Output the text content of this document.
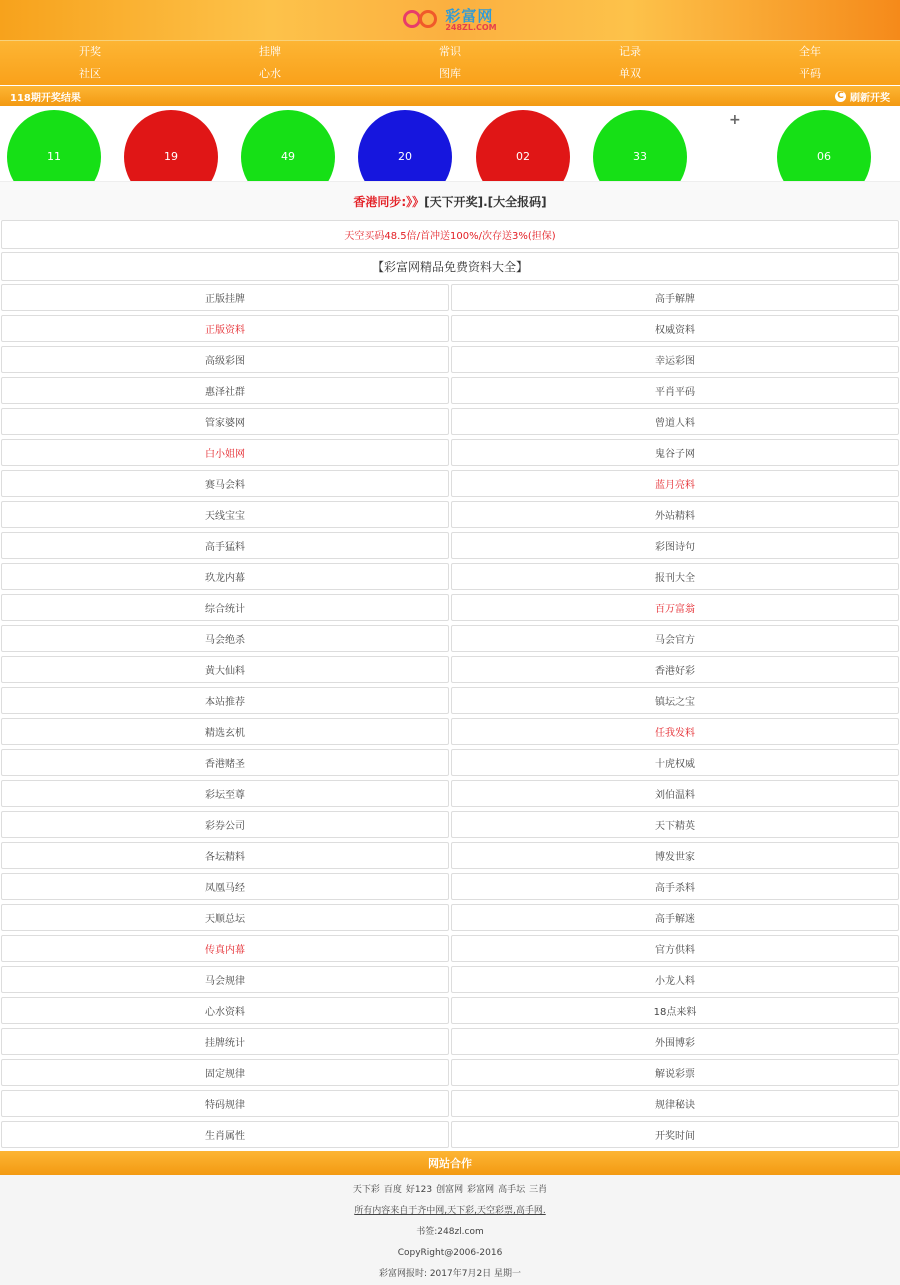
彩富网
248ZL.COM
开奖	挂牌	常识	记录	全年
社区	心水	图库	单双	平码
118期开奖结果	C 刷新开奖
+
11	19	49	20	02	33	06
香港同步:》》 [天下开奖].[大全报码]
天空买码48.5倍/首冲送100%/次存送3%(担保)
【彩富网精品免费资料大全】
正版挂牌	高手解牌
正版资料	权威资料
高级彩图	幸运彩图
惠泽社群	平肖平码
管家婆网	曾道人料
白小姐网	鬼谷子网
赛马会料	蓝月亮料
天线宝宝	外站精料
高手猛料	彩图诗句
玖龙内幕	报刊大全
综合统计	百万富翁
马会绝杀	马会官方
黄大仙料	香港好彩
本站推荐	镇坛之宝
精选玄机	任我发料
香港赌圣	十虎权威
彩坛至尊	刘伯温料
彩券公司	天下精英
各坛精料	博发世家
凤凰马经	高手杀料
天顺总坛	高手解迷
传真内幕	官方供料
马会规律	小龙人料
心水资料	18点来料
挂牌统计	外围博彩
固定规律	解说彩票
特码规律	规律秘诀
生肖属性	开奖时间
网站合作
天下彩 百度 好123 创富网 彩富网 高手坛 三肖
所有内容来自于齐中网,天下彩,天空彩票,高手网.
书签:248zl.com
CopyRight@2006-2016
彩富网报时: 2017年7月2日 星期一
